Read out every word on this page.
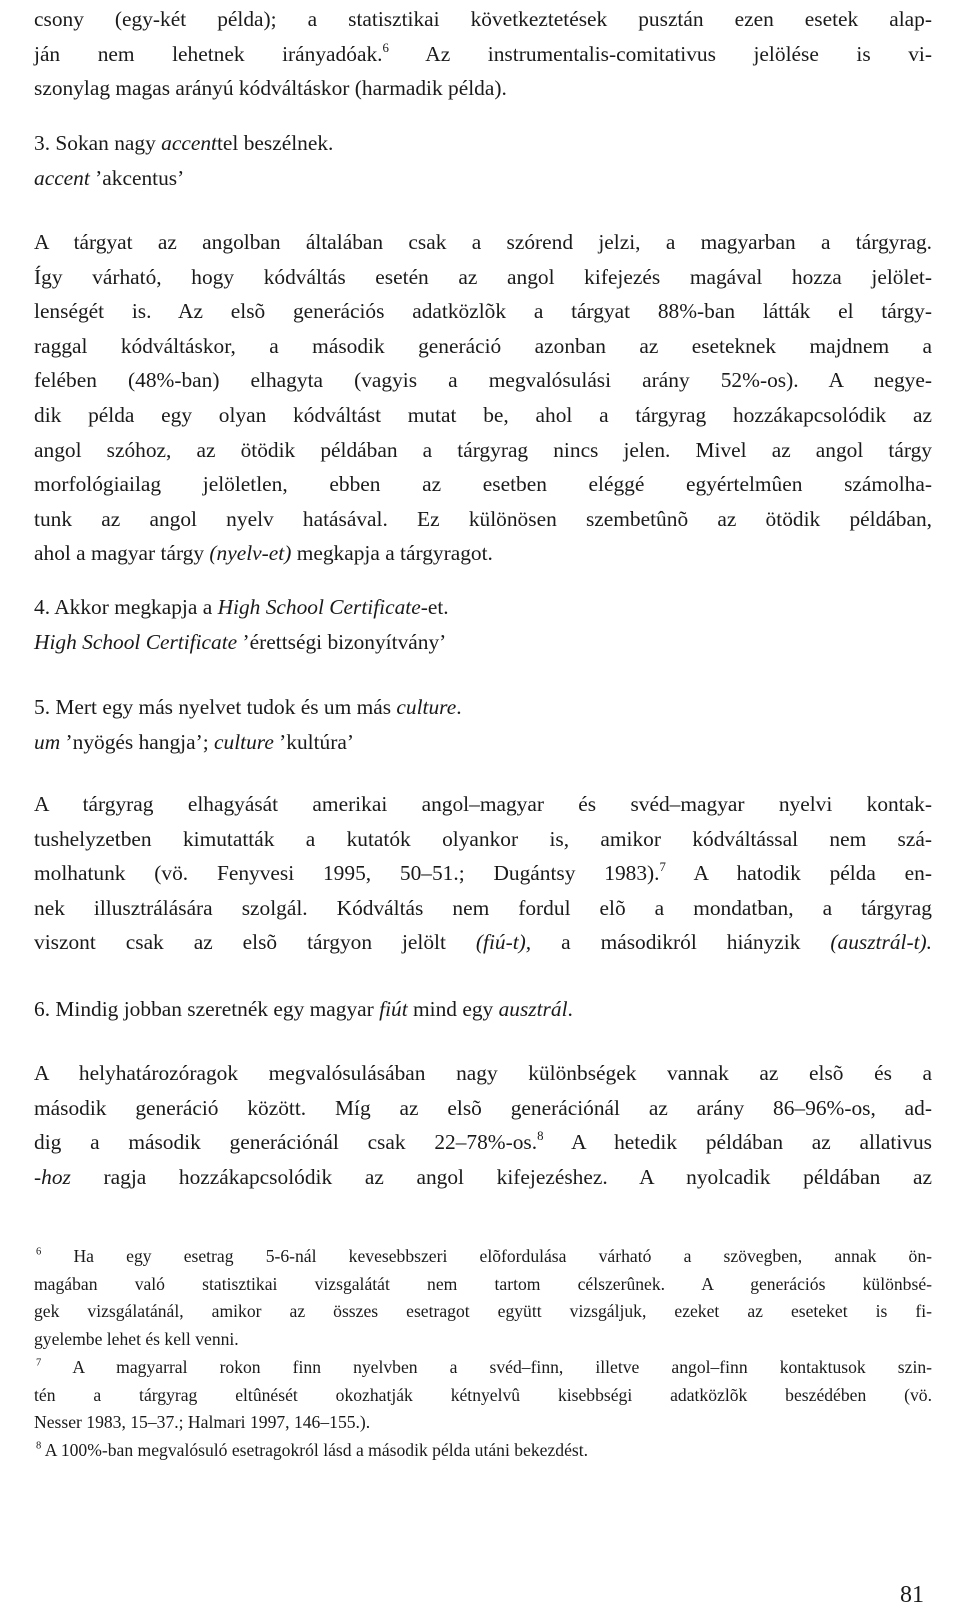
csony (egy-két példa); a statisztikai következtetések pusztán ezen esetek alap-
ján nem lehetnek irányadóak.$^6$ Az instrumentalis-comitativus jelölése is vi-
szonylag magas arányú kódváltáskor (harmadik példa).
3. Sokan nagy accenttel beszélnek.
accent ’akcentus’
A tárgyat az angolban általában csak a szórend jelzi, a magyarban a tárgyrag.
Így várható, hogy kódváltás esetén az angol kifejezés magával hozza jelölet-
lenségét is. Az elsõ generációs adatközlõk a tárgyat 88%-ban látták el tárgy-
raggal kódváltáskor, a második generáció azonban az eseteknek majdnem a
felében (48%-ban) elhagyta (vagyis a megvalósulási arány 52%-os). A negye-
dik példa egy olyan kódváltást mutat be, ahol a tárgyrag hozzákapcsolódik az
angol szóhoz, az ötödik példában a tárgyrag nincs jelen. Mivel az angol tárgy
morfológiailag jelöletlen, ebben az esetben eléggé egyértelmûen számolha-
tunk az angol nyelv hatásával. Ez különösen szembetûnõ az ötödik példában,
ahol a magyar tárgy (nyelv-et) megkapja a tárgyragot.
4. Akkor megkapja a High School Certificate-et.
High School Certificate ’érettségi bizonyítvány’
5. Mert egy más nyelvet tudok és um más culture.
um ’nyögés hangja’; culture ’kultúra’
A tárgyrag elhagyását amerikai angol–magyar és svéd–magyar nyelvi kontak-
tushelyzetben kimutatták a kutatók olyankor is, amikor kódváltással nem szá-
molhatunk (vö. Fenyvesi 1995, 50–51.; Dugántsy 1983).$^7$ A hatodik példa en-
nek illusztrálására szolgál. Kódváltás nem fordul elõ a mondatban, a tárgyrag
viszont csak az elsõ tárgyon jelölt (fiú-t), a másodikról hiányzik (ausztrál-t).
6. Mindig jobban szeretnék egy magyar fiút mind egy ausztrál.
A helyhatározóragok megvalósulásában nagy különbségek vannak az elsõ és a
második generáció között. Míg az elsõ generációnál az arány 86–96%-os, ad-
dig a második generációnál csak 22–78%-os.$^8$ A hetedik példában az allativus
-hoz ragja hozzákapcsolódik az angol kifejezéshez. A nyolcadik példában az
$^6$ Ha egy esetrag 5-6-nál kevesebbszeri elõfordulása várható a szövegben, annak ön-
magában való statisztikai vizsgalátát nem tartom célszerûnek. A generációs különbsé-
gek vizsgálatánál, amikor az összes esetragot együtt vizsgáljuk, ezeket az eseteket is fi-
gyelembe lehet és kell venni.
$^7$ A magyarral rokon finn nyelvben a svéd–finn, illetve angol–finn kontaktusok szin-
tén a tárgyrag eltûnését okozhatják kétnyelvû kisebbségi adatközlõk beszédében (vö.
Nesser 1983, 15–37.; Halmari 1997, 146–155.).
$^8$ A 100%-ban megvalósuló esetragokról lásd a második példa utáni bekezdést.
81
